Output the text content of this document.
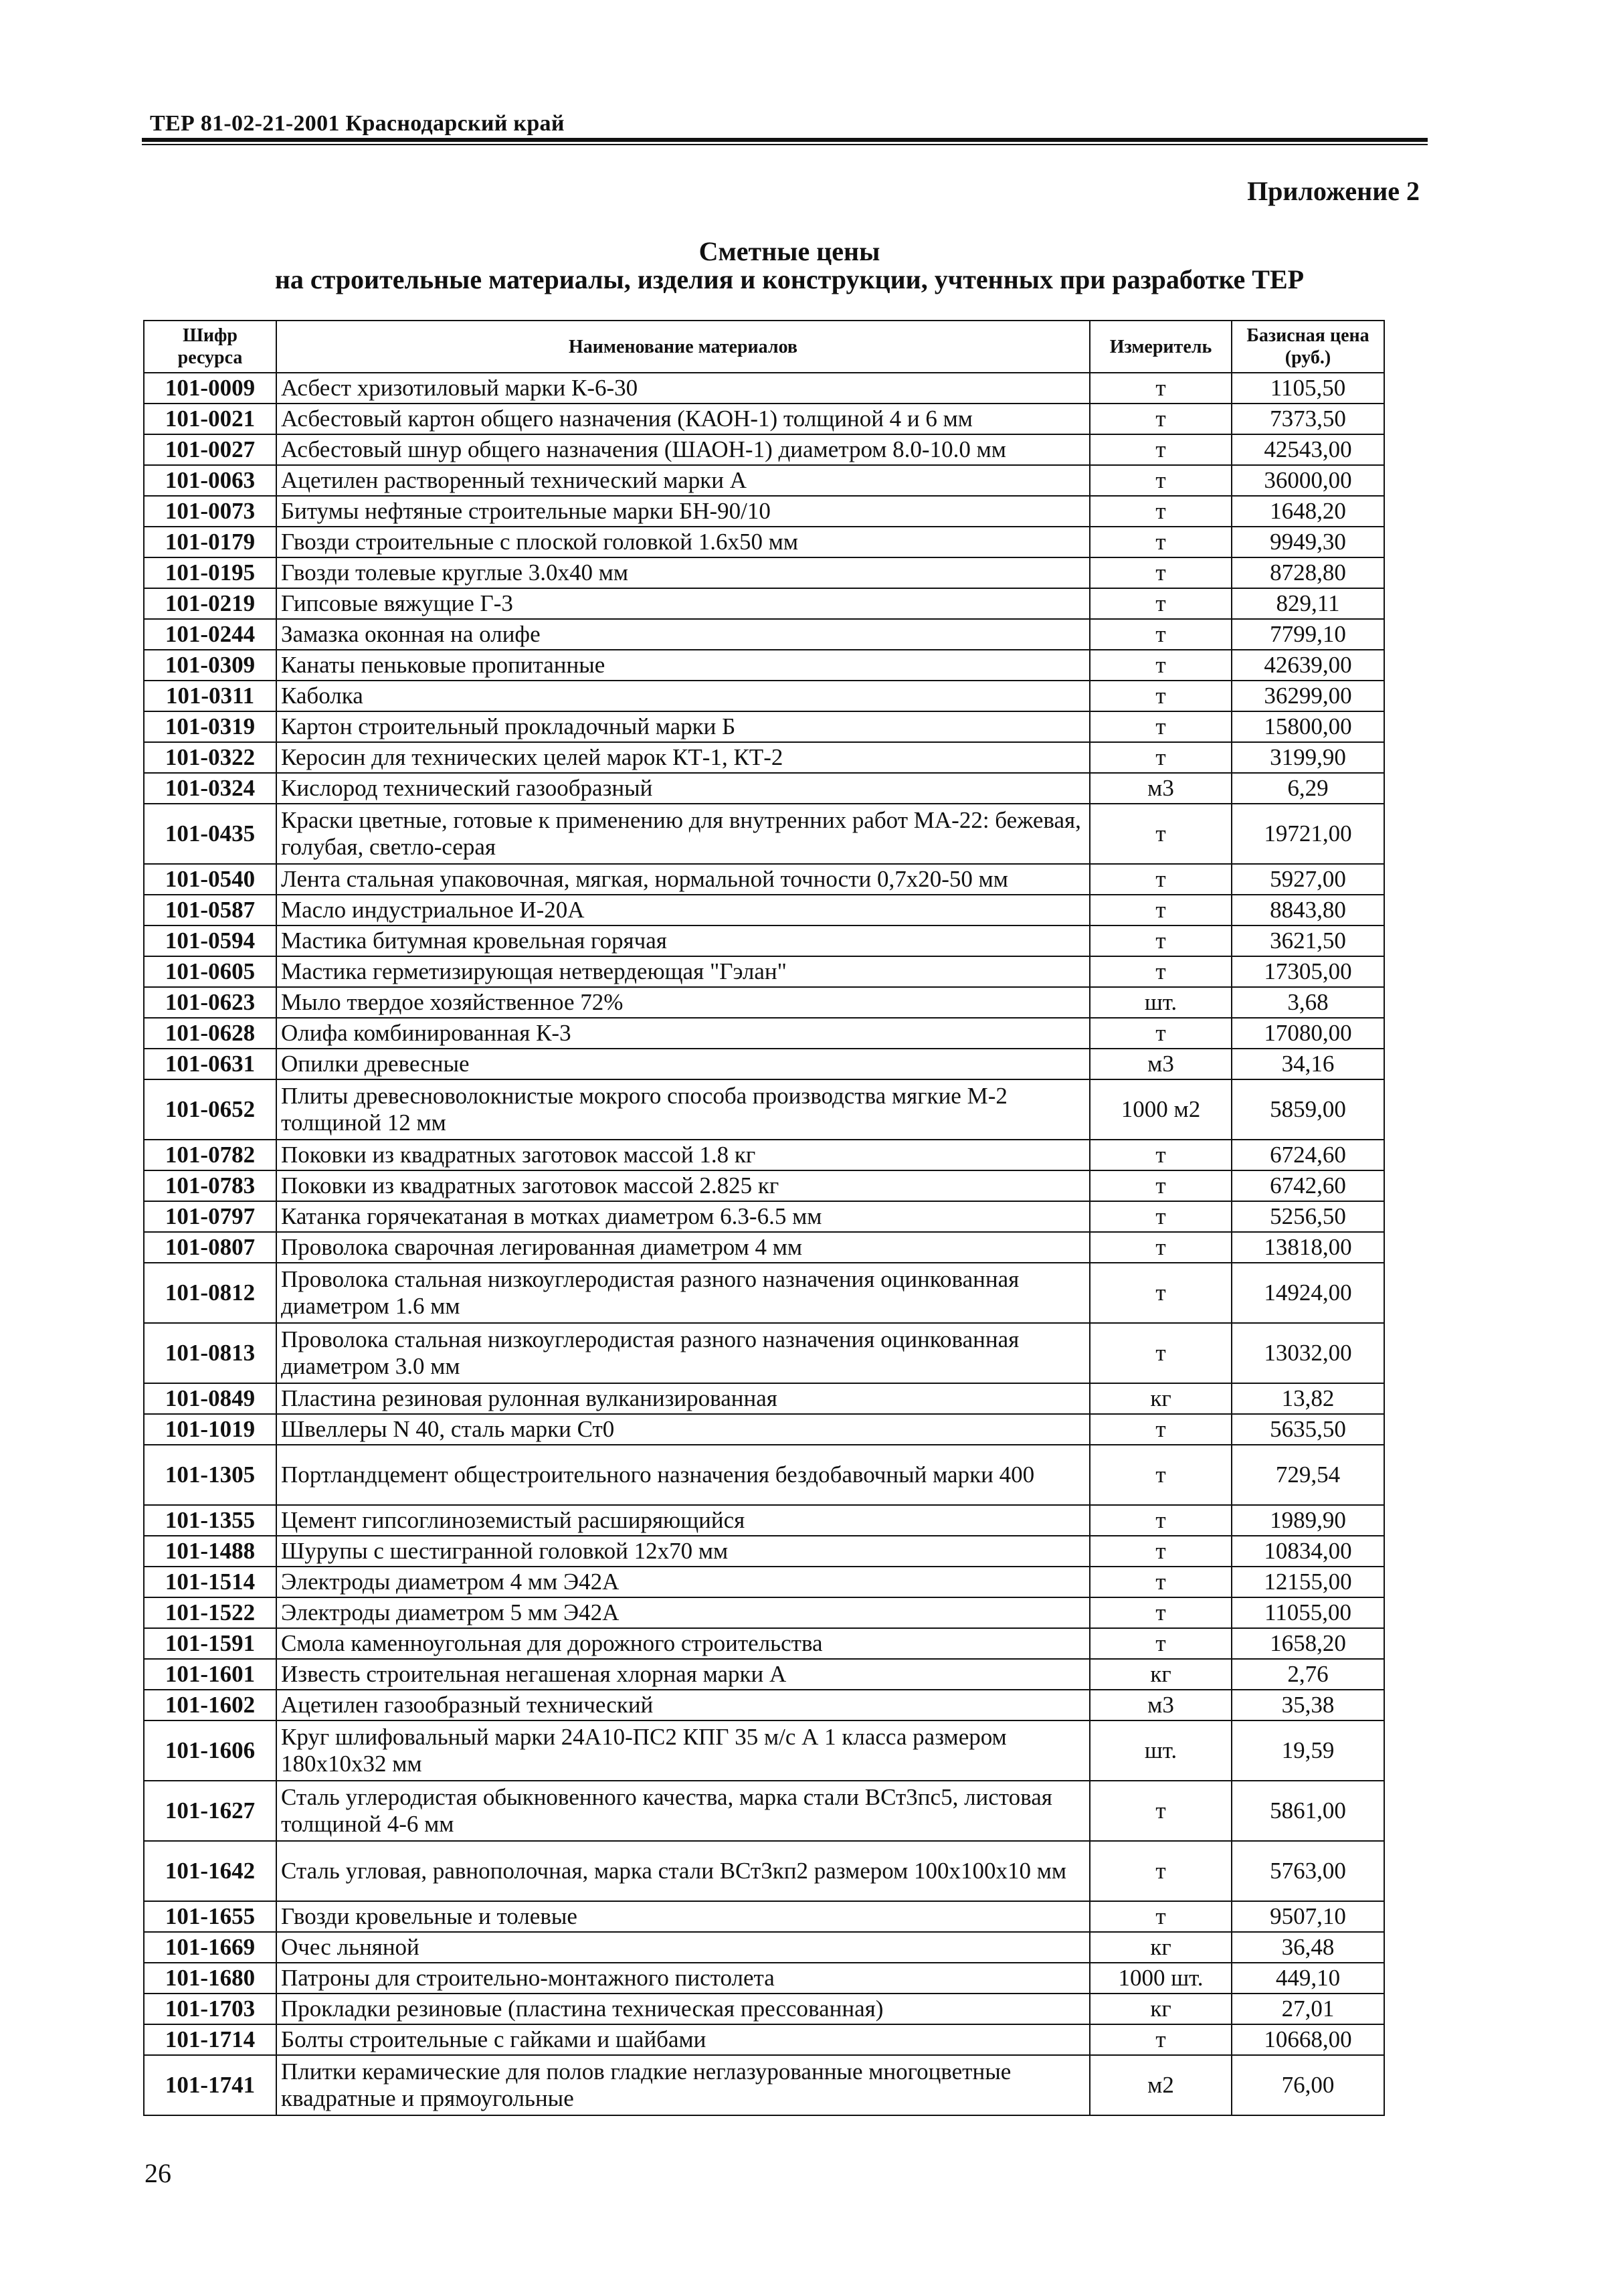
ТЕР 81-02-21-2001 Краснодарский край
Приложение 2
Сметные цены
на строительные материалы, изделия и конструкции, учтенных при разработке ТЕР
Шифр ресурса	Наименование материалов	Измеритель	Базисная цена (руб.)
101-0009	Асбест хризотиловый марки К-6-30	т	1105,50
101-0021	Асбестовый картон общего назначения (КАОН-1) толщиной 4 и 6 мм	т	7373,50
101-0027	Асбестовый шнур общего назначения (ШАОН-1) диаметром 8.0-10.0 мм	т	42543,00
101-0063	Ацетилен растворенный технический марки А	т	36000,00
101-0073	Битумы нефтяные строительные марки БН-90/10	т	1648,20
101-0179	Гвозди строительные с плоской головкой 1.6х50 мм	т	9949,30
101-0195	Гвозди толевые круглые 3.0х40 мм	т	8728,80
101-0219	Гипсовые вяжущие Г-3	т	829,11
101-0244	Замазка оконная на олифе	т	7799,10
101-0309	Канаты пеньковые пропитанные	т	42639,00
101-0311	Каболка	т	36299,00
101-0319	Картон строительный прокладочный марки Б	т	15800,00
101-0322	Керосин для технических целей марок КТ-1, КТ-2	т	3199,90
101-0324	Кислород технический газообразный	м3	6,29
101-0435	Краски цветные, готовые к применению для внутренних работ МА-22: бежевая, голубая, светло-серая	т	19721,00
101-0540	Лента стальная упаковочная, мягкая, нормальной точности 0,7х20-50 мм	т	5927,00
101-0587	Масло индустриальное И-20А	т	8843,80
101-0594	Мастика битумная кровельная горячая	т	3621,50
101-0605	Мастика герметизирующая нетвердеющая "Гэлан"	т	17305,00
101-0623	Мыло твердое хозяйственное 72%	шт.	3,68
101-0628	Олифа комбинированная К-3	т	17080,00
101-0631	Опилки древесные	м3	34,16
101-0652	Плиты древесноволокнистые мокрого способа производства мягкие М-2 толщиной 12 мм	1000 м2	5859,00
101-0782	Поковки из квадратных заготовок массой 1.8 кг	т	6724,60
101-0783	Поковки из квадратных заготовок массой 2.825 кг	т	6742,60
101-0797	Катанка горячекатаная в мотках диаметром 6.3-6.5 мм	т	5256,50
101-0807	Проволока сварочная легированная диаметром 4 мм	т	13818,00
101-0812	Проволока стальная низкоуглеродистая разного назначения оцинкованная диаметром 1.6 мм	т	14924,00
101-0813	Проволока стальная низкоуглеродистая разного назначения оцинкованная диаметром 3.0 мм	т	13032,00
101-0849	Пластина резиновая рулонная вулканизированная	кг	13,82
101-1019	Швеллеры N 40, сталь марки Ст0	т	5635,50
101-1305	Портландцемент общестроительного назначения бездобавочный марки 400	т	729,54
101-1355	Цемент гипсоглиноземистый расширяющийся	т	1989,90
101-1488	Шурупы с шестигранной головкой 12х70 мм	т	10834,00
101-1514	Электроды диаметром 4 мм Э42А	т	12155,00
101-1522	Электроды диаметром 5 мм Э42А	т	11055,00
101-1591	Смола каменноугольная для дорожного строительства	т	1658,20
101-1601	Известь строительная негашеная хлорная марки А	кг	2,76
101-1602	Ацетилен газообразный технический	м3	35,38
101-1606	Круг шлифовальный марки 24А10-ПС2 КПГ 35 м/с А 1 класса размером 180х10х32 мм	шт.	19,59
101-1627	Сталь углеродистая обыкновенного качества, марка стали ВСт3пс5, листовая толщиной 4-6 мм	т	5861,00
101-1642	Сталь угловая, равнополочная, марка стали ВСт3кп2 размером 100х100х10 мм	т	5763,00
101-1655	Гвозди кровельные и толевые	т	9507,10
101-1669	Очес льняной	кг	36,48
101-1680	Патроны для строительно-монтажного пистолета	1000 шт.	449,10
101-1703	Прокладки резиновые (пластина техническая прессованная)	кг	27,01
101-1714	Болты строительные с гайками и шайбами	т	10668,00
101-1741	Плитки керамические для полов гладкие неглазурованные многоцветные квадратные и прямоугольные	м2	76,00
26
